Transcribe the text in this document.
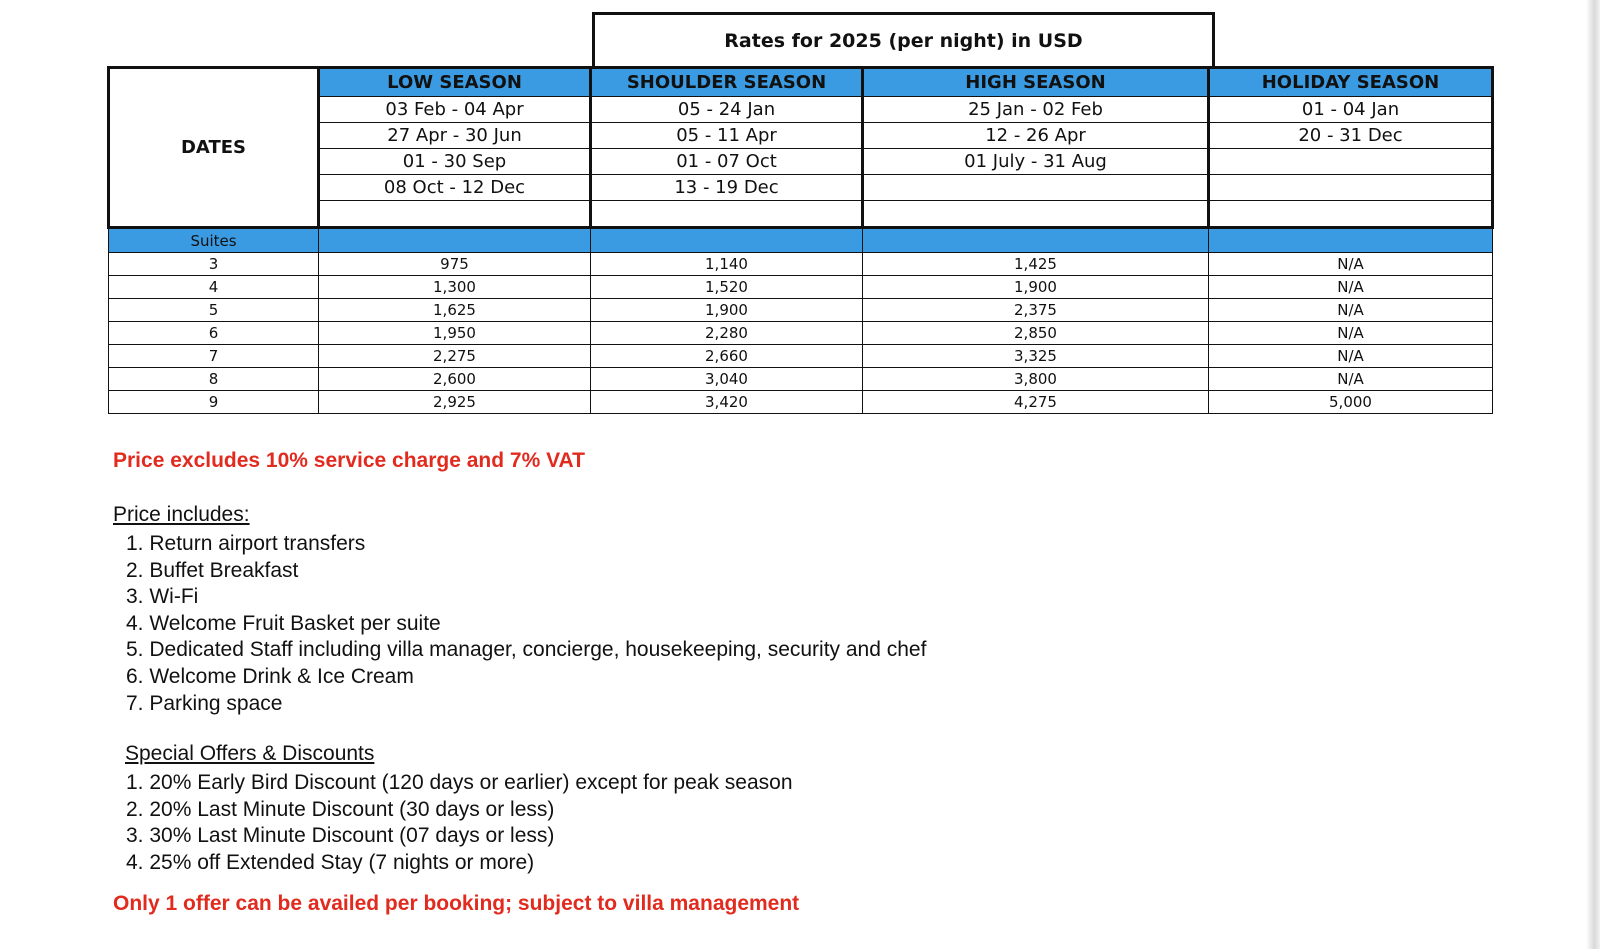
Rates for 2025 (per night) in USD
DATES	LOW SEASON	SHOULDER SEASON	HIGH SEASON	HOLIDAY SEASON
	03 Feb - 04 Apr	05 - 24 Jan	25 Jan - 02 Feb	01 - 04 Jan
	27 Apr - 30 Jun	05 - 11 Apr	12 - 26 Apr	20 - 31 Dec
	01 - 30 Sep	01 - 07 Oct	01 July - 31 Aug	
	08 Oct - 12 Dec	13 - 19 Dec		

Suites				
3	975	1,140	1,425	N/A
4	1,300	1,520	1,900	N/A
5	1,625	1,900	2,375	N/A
6	1,950	2,280	2,850	N/A
7	2,275	2,660	3,325	N/A
8	2,600	3,040	3,800	N/A
9	2,925	3,420	4,275	5,000
Price excludes 10% service charge and 7% VAT
Price includes:
1. Return airport transfers
2. Buffet Breakfast
3. Wi-Fi
4. Welcome Fruit Basket per suite
5. Dedicated Staff including villa manager, concierge, housekeeping, security and chef
6. Welcome Drink & Ice Cream
7. Parking space
Special Offers & Discounts
1. 20% Early Bird Discount (120 days or earlier) except for peak season
2. 20% Last Minute Discount (30 days or less)
3. 30% Last Minute Discount (07 days or less)
4. 25% off Extended Stay (7 nights or more)
Only 1 offer can be availed per booking; subject to villa management
